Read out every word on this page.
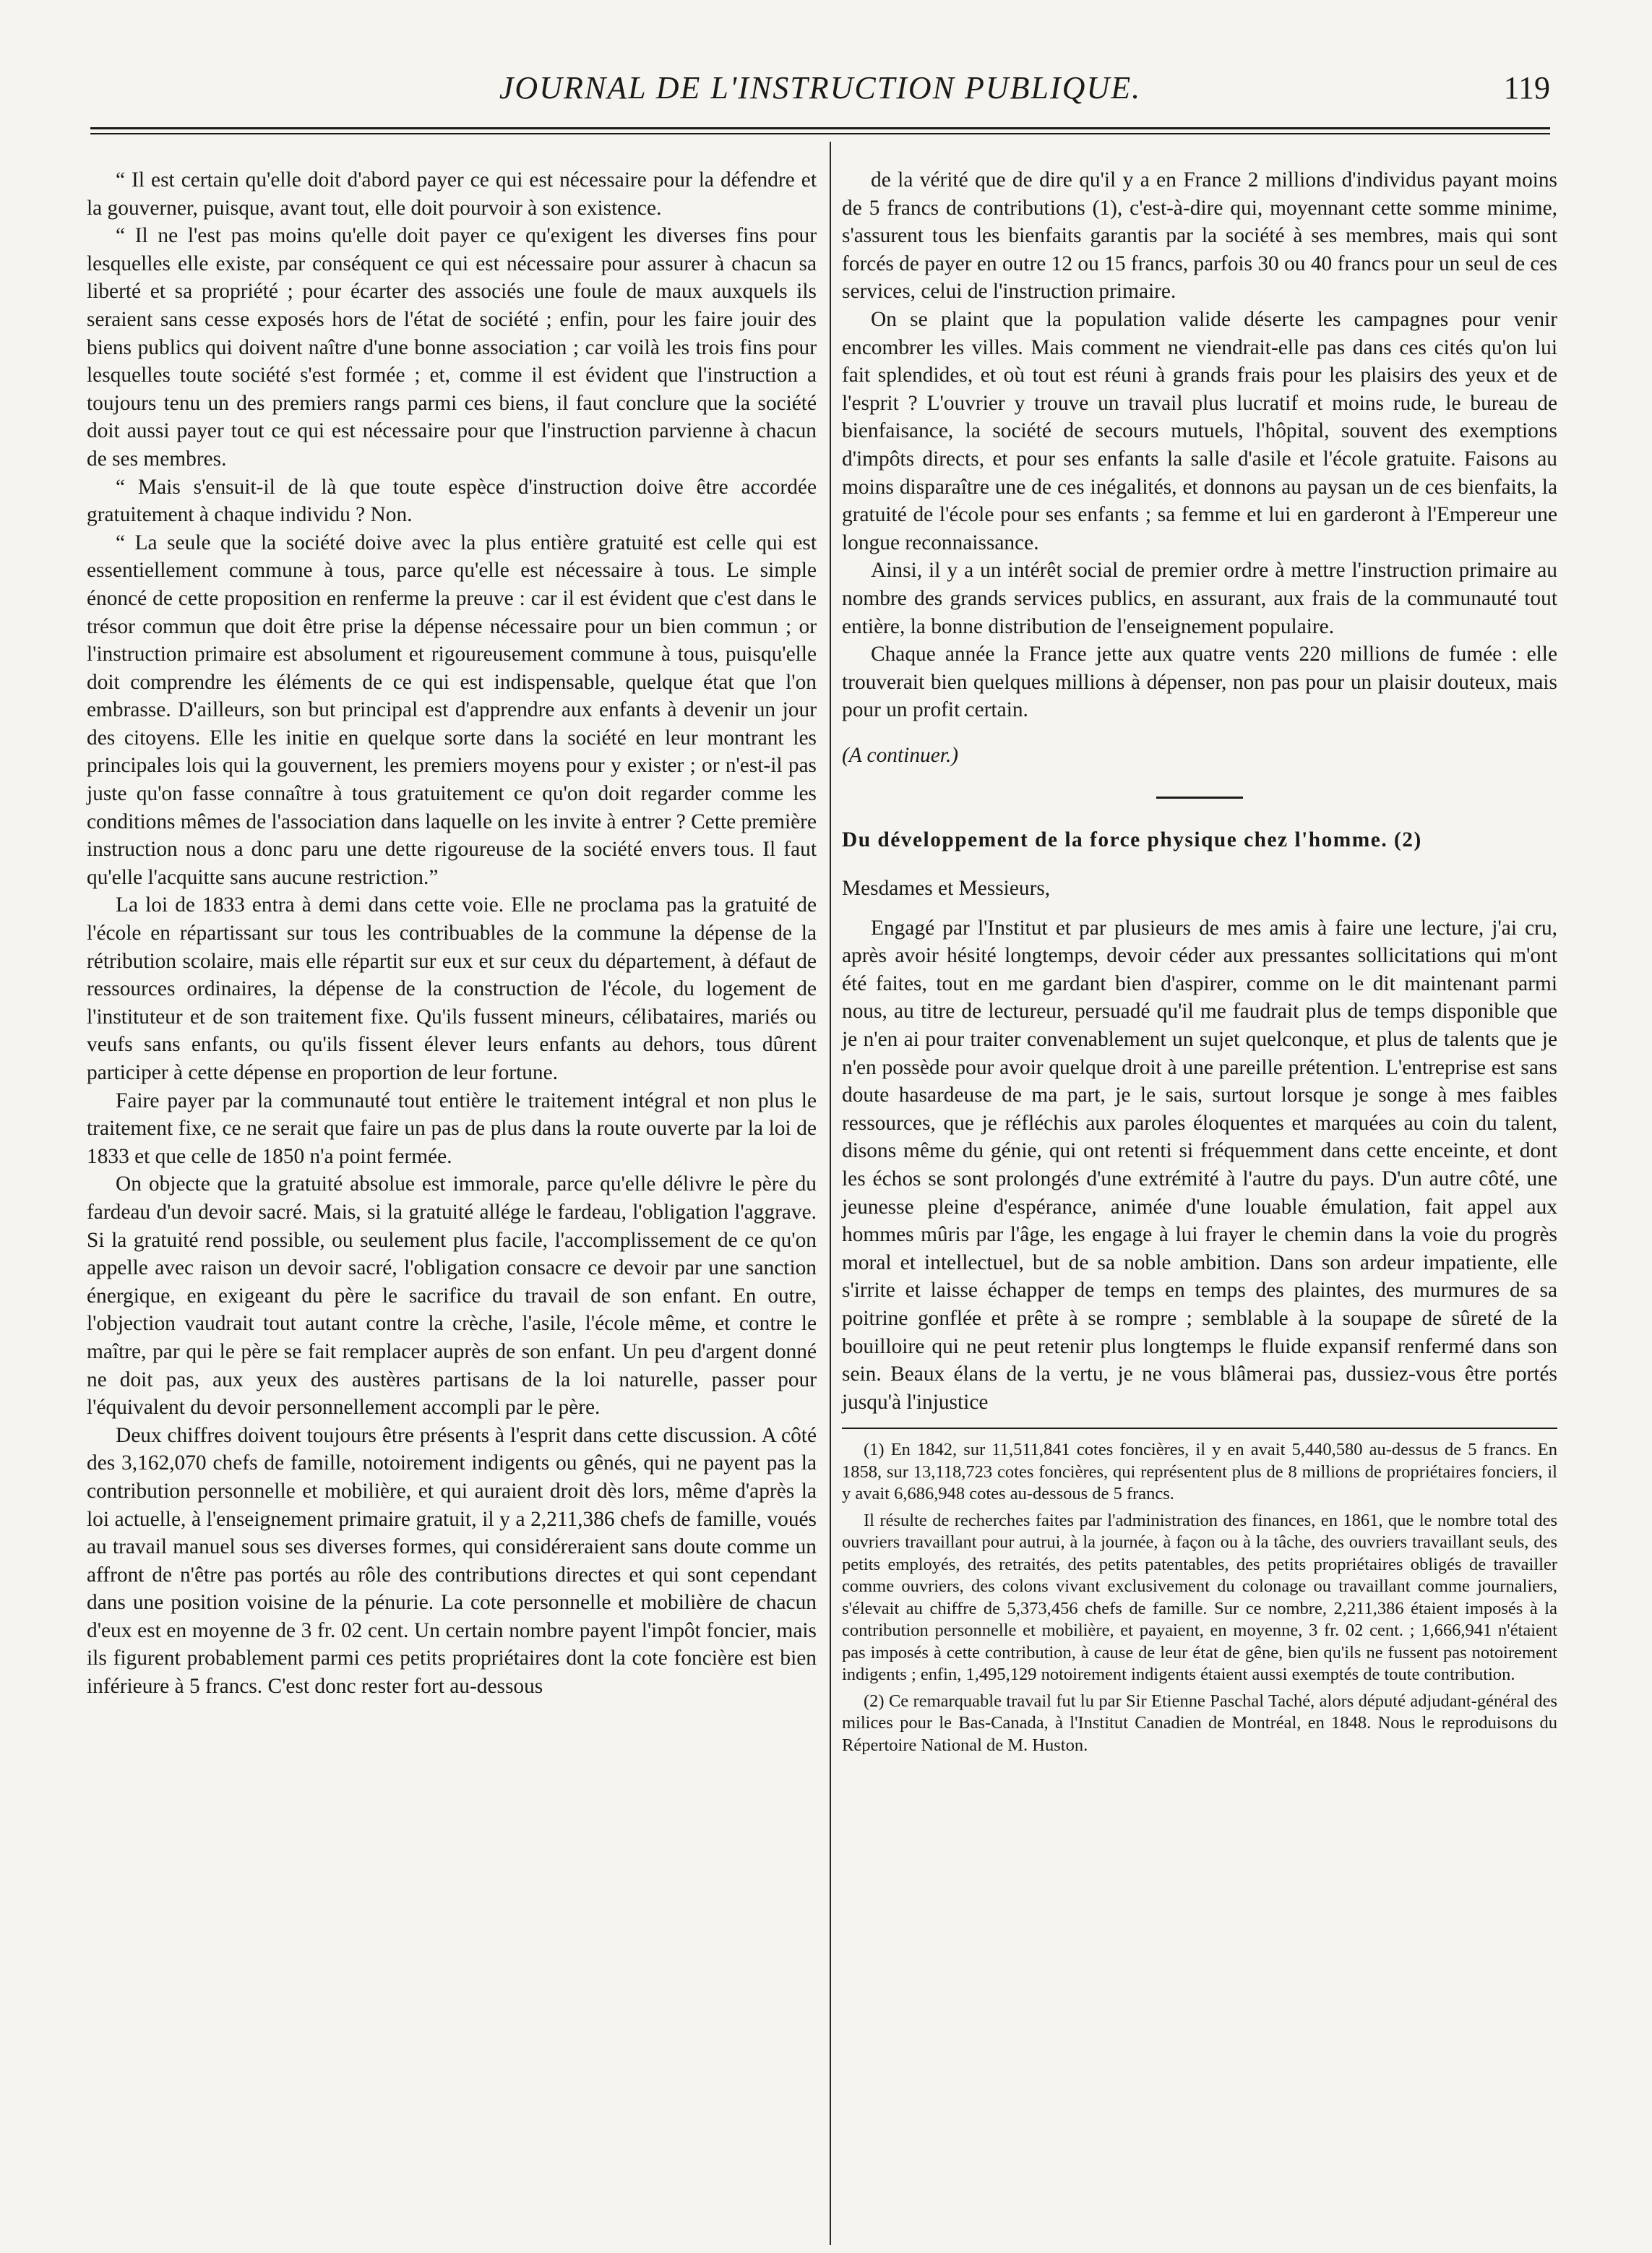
JOURNAL DE L'INSTRUCTION PUBLIQUE.	119

“ Il est certain qu'elle doit d'abord payer ce qui est nécessaire pour la défendre et la gouverner, puisque, avant tout, elle doit pourvoir à son existence.

“ Il ne l'est pas moins qu'elle doit payer ce qu'exigent les diverses fins pour lesquelles elle existe, par conséquent ce qui est nécessaire pour assurer à chacun sa liberté et sa propriété ; pour écarter des associés une foule de maux auxquels ils seraient sans cesse exposés hors de l'état de société ; enfin, pour les faire jouir des biens publics qui doivent naître d'une bonne association ; car voilà les trois fins pour lesquelles toute société s'est formée ; et, comme il est évident que l'instruction a toujours tenu un des premiers rangs parmi ces biens, il faut conclure que la société doit aussi payer tout ce qui est nécessaire pour que l'instruction parvienne à chacun de ses membres.

“ Mais s'ensuit-il de là que toute espèce d'instruction doive être accordée gratuitement à chaque individu ? Non.

“ La seule que la société doive avec la plus entière gratuité est celle qui est essentiellement commune à tous, parce qu'elle est nécessaire à tous. Le simple énoncé de cette proposition en renferme la preuve : car il est évident que c'est dans le trésor commun que doit être prise la dépense nécessaire pour un bien commun ; or l'instruction primaire est absolument et rigoureusement commune à tous, puisqu'elle doit comprendre les éléments de ce qui est indispensable, quelque état que l'on embrasse. D'ailleurs, son but principal est d'apprendre aux enfants à devenir un jour des citoyens. Elle les initie en quelque sorte dans la société en leur montrant les principales lois qui la gouvernent, les premiers moyens pour y exister ; or n'est-il pas juste qu'on fasse connaître à tous gratuitement ce qu'on doit regarder comme les conditions mêmes de l'association dans laquelle on les invite à entrer ? Cette première instruction nous a donc paru une dette rigoureuse de la société envers tous. Il faut qu'elle l'acquitte sans aucune restriction.”

La loi de 1833 entra à demi dans cette voie. Elle ne proclama pas la gratuité de l'école en répartissant sur tous les contribuables de la commune la dépense de la rétribution scolaire, mais elle répartit sur eux et sur ceux du département, à défaut de ressources ordinaires, la dépense de la construction de l'école, du logement de l'instituteur et de son traitement fixe. Qu'ils fussent mineurs, célibataires, mariés ou veufs sans enfants, ou qu'ils fissent élever leurs enfants au dehors, tous dûrent participer à cette dépense en proportion de leur fortune.

Faire payer par la communauté tout entière le traitement intégral et non plus le traitement fixe, ce ne serait que faire un pas de plus dans la route ouverte par la loi de 1833 et que celle de 1850 n'a point fermée.

On objecte que la gratuité absolue est immorale, parce qu'elle délivre le père du fardeau d'un devoir sacré. Mais, si la gratuité allége le fardeau, l'obligation l'aggrave. Si la gratuité rend possible, ou seulement plus facile, l'accomplissement de ce qu'on appelle avec raison un devoir sacré, l'obligation consacre ce devoir par une sanction énergique, en exigeant du père le sacrifice du travail de son enfant. En outre, l'objection vaudrait tout autant contre la crèche, l'asile, l'école même, et contre le maître, par qui le père se fait remplacer auprès de son enfant. Un peu d'argent donné ne doit pas, aux yeux des austères partisans de la loi naturelle, passer pour l'équivalent du devoir personnellement accompli par le père.

Deux chiffres doivent toujours être présents à l'esprit dans cette discussion. A côté des 3,162,070 chefs de famille, notoirement indigents ou gênés, qui ne payent pas la contribution personnelle et mobilière, et qui auraient droit dès lors, même d'après la loi actuelle, à l'enseignement primaire gratuit, il y a 2,211,386 chefs de famille, voués au travail manuel sous ses diverses formes, qui considéreraient sans doute comme un affront de n'être pas portés au rôle des contributions directes et qui sont cependant dans une position voisine de la pénurie. La cote personnelle et mobilière de chacun d'eux est en moyenne de 3 fr. 02 cent. Un certain nombre payent l'impôt foncier, mais ils figurent probablement parmi ces petits propriétaires dont la cote foncière est bien inférieure à 5 francs. C'est donc rester fort au-dessous

de la vérité que de dire qu'il y a en France 2 millions d'individus payant moins de 5 francs de contributions (1), c'est-à-dire qui, moyennant cette somme minime, s'assurent tous les bienfaits garantis par la société à ses membres, mais qui sont forcés de payer en outre 12 ou 15 francs, parfois 30 ou 40 francs pour un seul de ces services, celui de l'instruction primaire.

On se plaint que la population valide déserte les campagnes pour venir encombrer les villes. Mais comment ne viendrait-elle pas dans ces cités qu'on lui fait splendides, et où tout est réuni à grands frais pour les plaisirs des yeux et de l'esprit ? L'ouvrier y trouve un travail plus lucratif et moins rude, le bureau de bienfaisance, la société de secours mutuels, l'hôpital, souvent des exemptions d'impôts directs, et pour ses enfants la salle d'asile et l'école gratuite. Faisons au moins disparaître une de ces inégalités, et donnons au paysan un de ces bienfaits, la gratuité de l'école pour ses enfants ; sa femme et lui en garderont à l'Empereur une longue reconnaissance.

Ainsi, il y a un intérêt social de premier ordre à mettre l'instruction primaire au nombre des grands services publics, en assurant, aux frais de la communauté tout entière, la bonne distribution de l'enseignement populaire.

Chaque année la France jette aux quatre vents 220 millions de fumée : elle trouverait bien quelques millions à dépenser, non pas pour un plaisir douteux, mais pour un profit certain.

(A continuer.)

Du développement de la force physique chez l'homme. (2)

Mesdames et Messieurs,

Engagé par l'Institut et par plusieurs de mes amis à faire une lecture, j'ai cru, après avoir hésité longtemps, devoir céder aux pressantes sollicitations qui m'ont été faites, tout en me gardant bien d'aspirer, comme on le dit maintenant parmi nous, au titre de lectureur, persuadé qu'il me faudrait plus de temps disponible que je n'en ai pour traiter convenablement un sujet quelconque, et plus de talents que je n'en possède pour avoir quelque droit à une pareille prétention. L'entreprise est sans doute hasardeuse de ma part, je le sais, surtout lorsque je songe à mes faibles ressources, que je réfléchis aux paroles éloquentes et marquées au coin du talent, disons même du génie, qui ont retenti si fréquemment dans cette enceinte, et dont les échos se sont prolongés d'une extrémité à l'autre du pays. D'un autre côté, une jeunesse pleine d'espérance, animée d'une louable émulation, fait appel aux hommes mûris par l'âge, les engage à lui frayer le chemin dans la voie du progrès moral et intellectuel, but de sa noble ambition. Dans son ardeur impatiente, elle s'irrite et laisse échapper de temps en temps des plaintes, des murmures de sa poitrine gonflée et prête à se rompre ; semblable à la soupape de sûreté de la bouilloire qui ne peut retenir plus longtemps le fluide expansif renfermé dans son sein. Beaux élans de la vertu, je ne vous blâmerai pas, dussiez-vous être portés jusqu'à l'injustice

(1) En 1842, sur 11,511,841 cotes foncières, il y en avait 5,440,580 au-dessus de 5 francs. En 1858, sur 13,118,723 cotes foncières, qui représentent plus de 8 millions de propriétaires fonciers, il y avait 6,686,948 cotes au-dessous de 5 francs.

Il résulte de recherches faites par l'administration des finances, en 1861, que le nombre total des ouvriers travaillant pour autrui, à la journée, à façon ou à la tâche, des ouvriers travaillant seuls, des petits employés, des retraités, des petits patentables, des petits propriétaires obligés de travailler comme ouvriers, des colons vivant exclusivement du colonage ou travaillant comme journaliers, s'élevait au chiffre de 5,373,456 chefs de famille. Sur ce nombre, 2,211,386 étaient imposés à la contribution personnelle et mobilière, et payaient, en moyenne, 3 fr. 02 cent. ; 1,666,941 n'étaient pas imposés à cette contribution, à cause de leur état de gêne, bien qu'ils ne fussent pas notoirement indigents ; enfin, 1,495,129 notoirement indigents étaient aussi exemptés de toute contribution.

(2) Ce remarquable travail fut lu par Sir Etienne Paschal Taché, alors député adjudant-général des milices pour le Bas-Canada, à l'Institut Canadien de Montréal, en 1848. Nous le reproduisons du Répertoire National de M. Huston.
